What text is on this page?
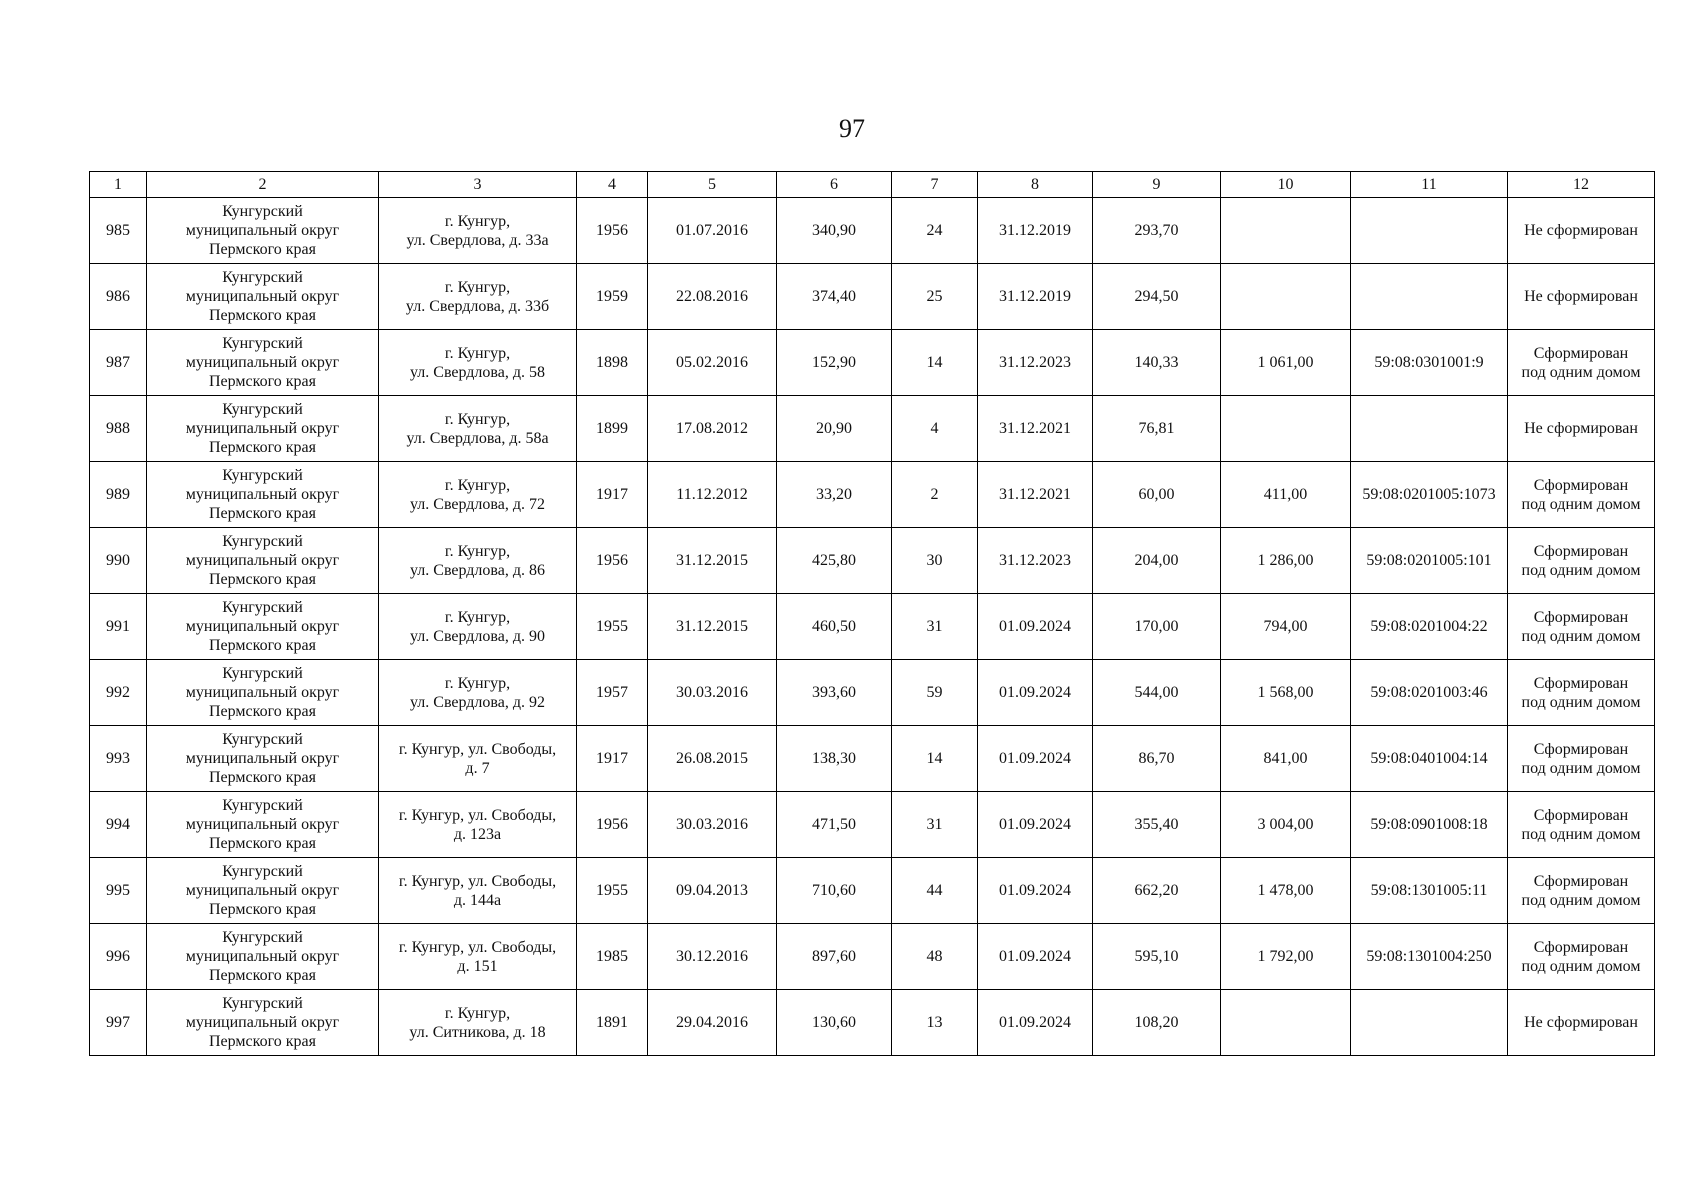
97
1	2	3	4	5	6	7	8	9	10	11	12
985	Кунгурский
муниципальный округ
Пермского края	г. Кунгур,
ул. Свердлова, д. 33а	1956	01.07.2016	340,90	24	31.12.2019	293,70			Не сформирован

986	Кунгурский
муниципальный округ
Пермского края	г. Кунгур,
ул. Свердлова, д. 33б	1959	22.08.2016	374,40	25	31.12.2019	294,50			Не сформирован

987	Кунгурский
муниципальный округ
Пермского края	г. Кунгур,
ул. Свердлова, д. 58	1898	05.02.2016	152,90	14	31.12.2023	140,33	1 061,00	59:08:0301001:9	Сформирован
под одним домом

988	Кунгурский
муниципальный округ
Пермского края	г. Кунгур,
ул. Свердлова, д. 58а	1899	17.08.2012	20,90	4	31.12.2021	76,81			Не сформирован

989	Кунгурский
муниципальный округ
Пермского края	г. Кунгур,
ул. Свердлова, д. 72	1917	11.12.2012	33,20	2	31.12.2021	60,00	411,00	59:08:0201005:1073	Сформирован
под одним домом

990	Кунгурский
муниципальный округ
Пермского края	г. Кунгур,
ул. Свердлова, д. 86	1956	31.12.2015	425,80	30	31.12.2023	204,00	1 286,00	59:08:0201005:101	Сформирован
под одним домом

991	Кунгурский
муниципальный округ
Пермского края	г. Кунгур,
ул. Свердлова, д. 90	1955	31.12.2015	460,50	31	01.09.2024	170,00	794,00	59:08:0201004:22	Сформирован
под одним домом

992	Кунгурский
муниципальный округ
Пермского края	г. Кунгур,
ул. Свердлова, д. 92	1957	30.03.2016	393,60	59	01.09.2024	544,00	1 568,00	59:08:0201003:46	Сформирован
под одним домом

993	Кунгурский
муниципальный округ
Пермского края	г. Кунгур, ул. Свободы,
д. 7	1917	26.08.2015	138,30	14	01.09.2024	86,70	841,00	59:08:0401004:14	Сформирован
под одним домом

994	Кунгурский
муниципальный округ
Пермского края	г. Кунгур, ул. Свободы,
д. 123а	1956	30.03.2016	471,50	31	01.09.2024	355,40	3 004,00	59:08:0901008:18	Сформирован
под одним домом

995	Кунгурский
муниципальный округ
Пермского края	г. Кунгур, ул. Свободы,
д. 144а	1955	09.04.2013	710,60	44	01.09.2024	662,20	1 478,00	59:08:1301005:11	Сформирован
под одним домом

996	Кунгурский
муниципальный округ
Пермского края	г. Кунгур, ул. Свободы,
д. 151	1985	30.12.2016	897,60	48	01.09.2024	595,10	1 792,00	59:08:1301004:250	Сформирован
под одним домом

997	Кунгурский
муниципальный округ
Пермского края	г. Кунгур,
ул. Ситникова, д. 18	1891	29.04.2016	130,60	13	01.09.2024	108,20			Не сформирован
